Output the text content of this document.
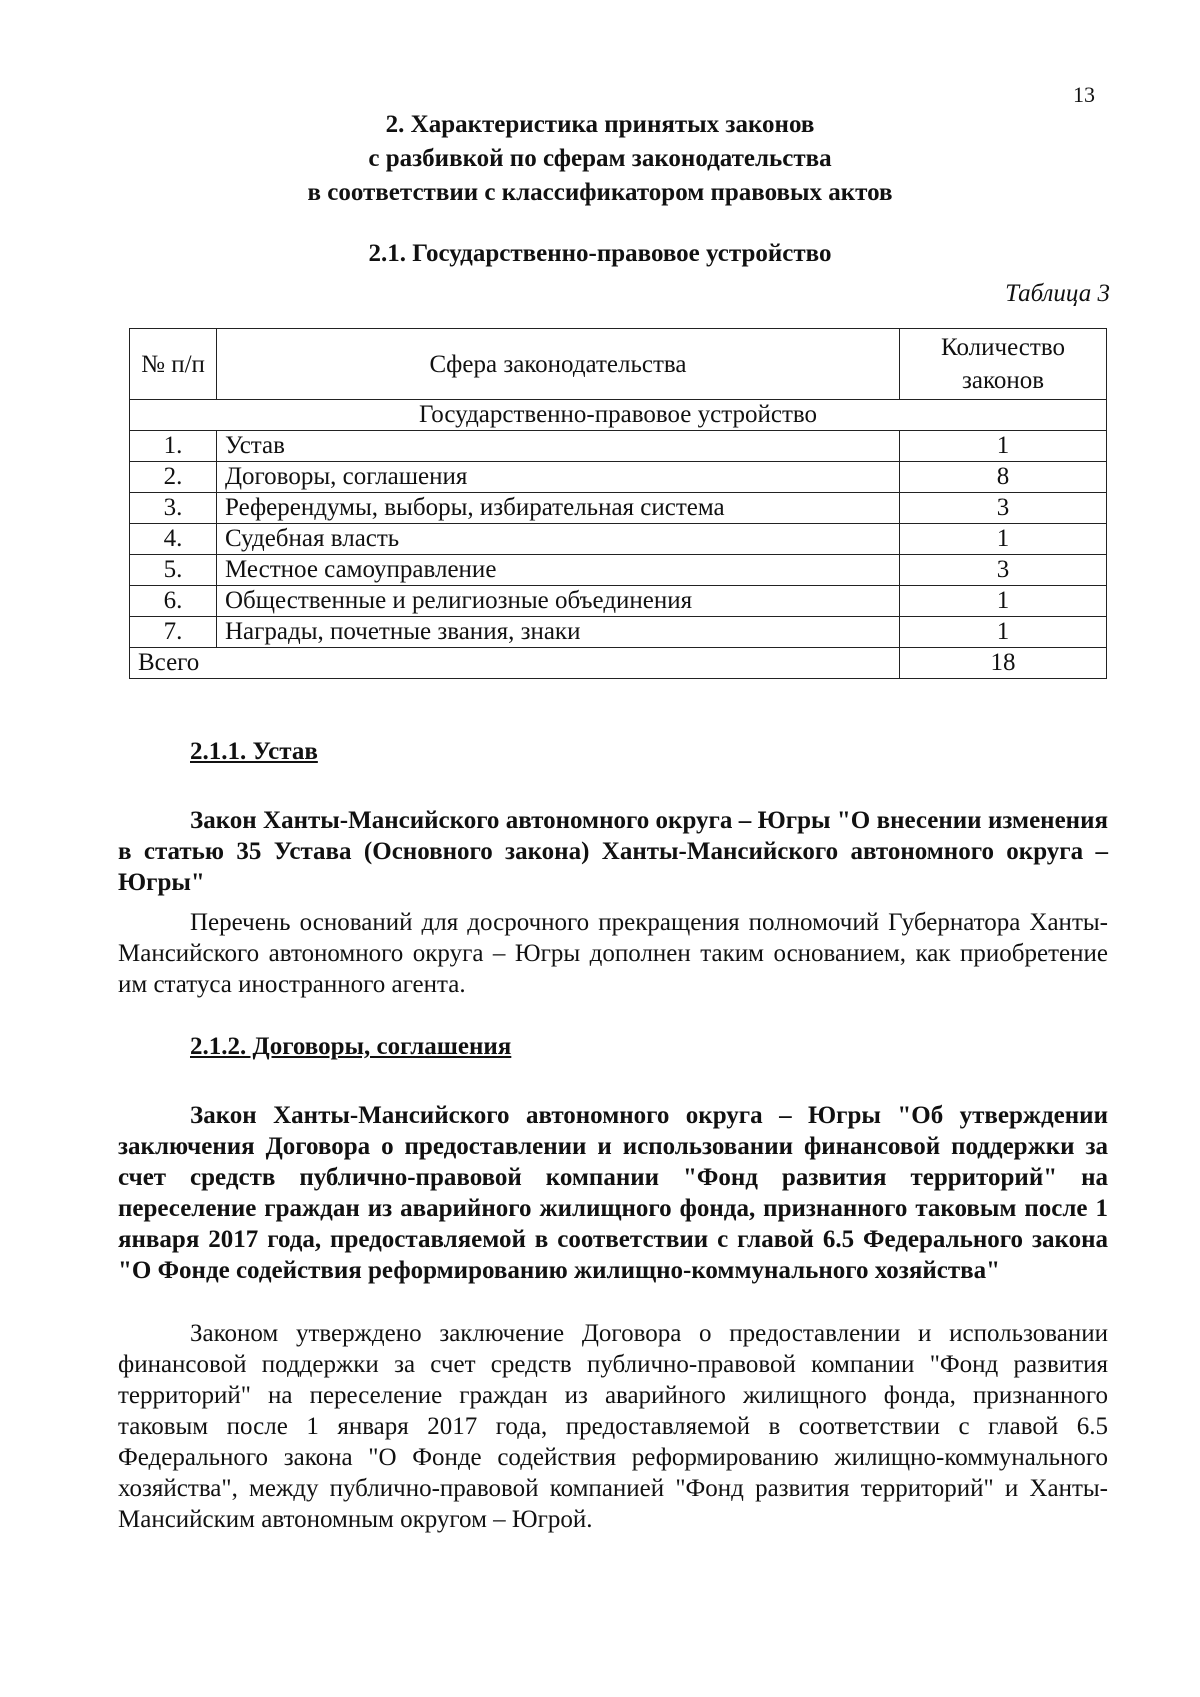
13
2. Характеристика принятых законов
с разбивкой по сферам законодательства
в соответствии с классификатором правовых актов
2.1. Государственно-правовое устройство
Таблица 3
№ п/п	Сфера законодательства	Количество законов
Государственно-правовое устройство		
1.	Устав	1
2.	Договоры, соглашения	8
3.	Референдумы, выборы, избирательная система	3
4.	Судебная власть	1
5.	Местное самоуправление	3
6.	Общественные и религиозные объединения	1
7.	Награды, почетные звания, знаки	1
Всего		18
2.1.1. Устав
Закон Ханты-Мансийского автономного округа – Югры "О внесении изменения в статью 35 Устава (Основного закона) Ханты-Мансийского автономного округа – Югры"
Перечень оснований для досрочного прекращения полномочий Губернатора Ханты-Мансийского автономного округа – Югры дополнен таким основанием, как приобретение им статуса иностранного агента.
2.1.2. Договоры, соглашения
Закон Ханты-Мансийского автономного округа – Югры "Об утверждении заключения Договора о предоставлении и использовании финансовой поддержки за счет средств публично-правовой компании "Фонд развития территорий" на переселение граждан из аварийного жилищного фонда, признанного таковым после 1 января 2017 года, предоставляемой в соответствии с главой 6.5 Федерального закона "О Фонде содействия реформированию жилищно-коммунального хозяйства"
Законом утверждено заключение Договора о предоставлении и использовании финансовой поддержки за счет средств публично-правовой компании "Фонд развития территорий" на переселение граждан из аварийного жилищного фонда, признанного таковым после 1 января 2017 года, предоставляемой в соответствии с главой 6.5 Федерального закона "О Фонде содействия реформированию жилищно-коммунального хозяйства", между публично-правовой компанией "Фонд развития территорий" и Ханты-Мансийским автономным округом – Югрой.
